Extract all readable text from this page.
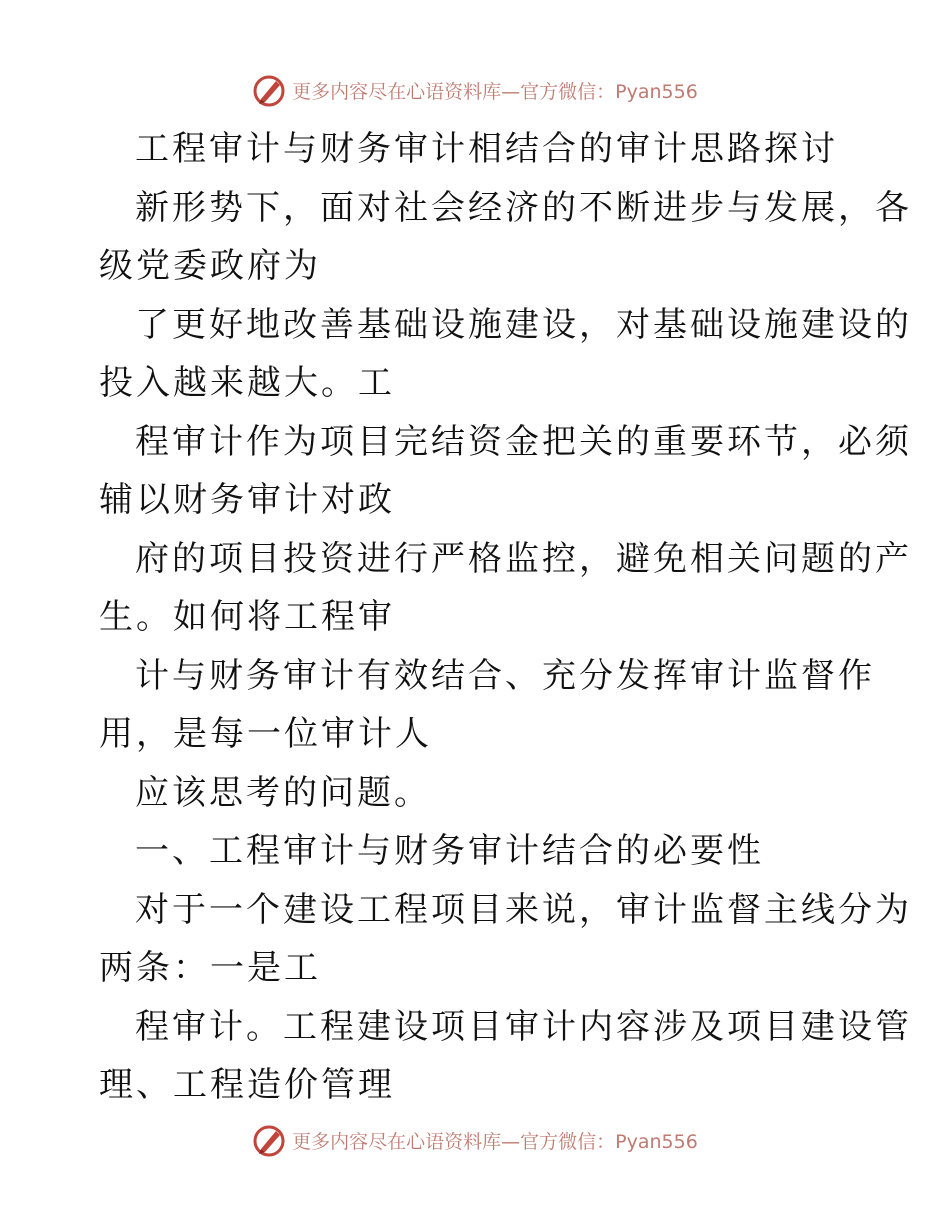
更多内容尽在心语资料库—官方微信：Pyan556

工程审计与财务审计相结合的审计思路探讨

新形势下，面对社会经济的不断进步与发展，各

级党委政府为

了更好地改善基础设施建设，对基础设施建设的

投入越来越大。工

程审计作为项目完结资金把关的重要环节，必须

辅以财务审计对政

府的项目投资进行严格监控，避免相关问题的产

生。如何将工程审

计与财务审计有效结合、充分发挥审计监督作

用，是每一位审计人

应该思考的问题。

一、工程审计与财务审计结合的必要性

对于一个建设工程项目来说，审计监督主线分为

两条：一是工

程审计。工程建设项目审计内容涉及项目建设管

理、工程造价管理

更多内容尽在心语资料库—官方微信：Pyan556
